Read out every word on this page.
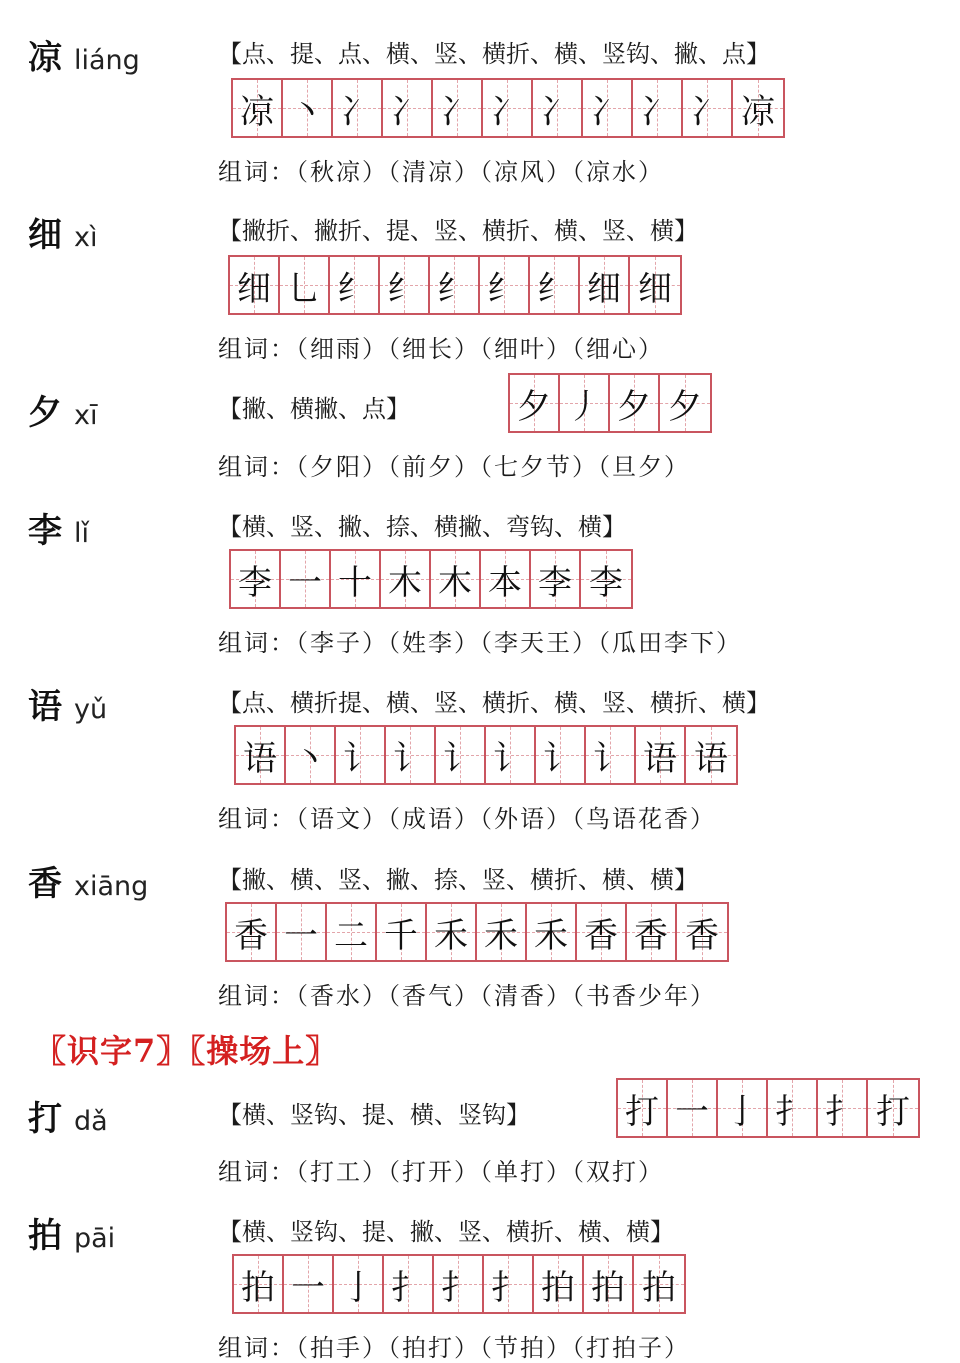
凉 liáng	【点、提、点、横、竖、横折、横、竖钩、撇、点】
凉 丶 冫 冫 冫 冫 冫 冫 冫 冫 凉
组词：（秋凉）（清凉）（凉风）（凉水）
细 xì	【撇折、撇折、提、竖、横折、横、竖、横】
细 乚 纟 纟 纟 纟 纟 细 细
组词：（细雨）（细长）（细叶）（细心）
夕 xī	【撇、横撇、点】	夕 丿 夕 夕
组词：（夕阳）（前夕）（七夕节）（旦夕）
李 lǐ	【横、竖、撇、捺、横撇、弯钩、横】
李 一 十 木 木 本 李 李
组词：（李子）（姓李）（李天王）（瓜田李下）
语 yǔ	【点、横折提、横、竖、横折、横、竖、横折、横】
语 丶 讠 讠 讠 讠 讠 讠 语 语
组词：（语文）（成语）（外语）（鸟语花香）
香 xiāng	【撇、横、竖、撇、捺、竖、横折、横、横】
香 一 二 千 禾 禾 禾 香 香 香
组词：（香水）（香气）（清香）（书香少年）
〖识字7〗〖操场上〗
打 dǎ	【横、竖钩、提、横、竖钩】	打 一 亅 扌 扌 打
组词：（打工）（打开）（单打）（双打）
拍 pāi	【横、竖钩、提、撇、竖、横折、横、横】
拍 一 亅 扌 扌 扌 拍 拍 拍
组词：（拍手）（拍打）（节拍）（打拍子）
